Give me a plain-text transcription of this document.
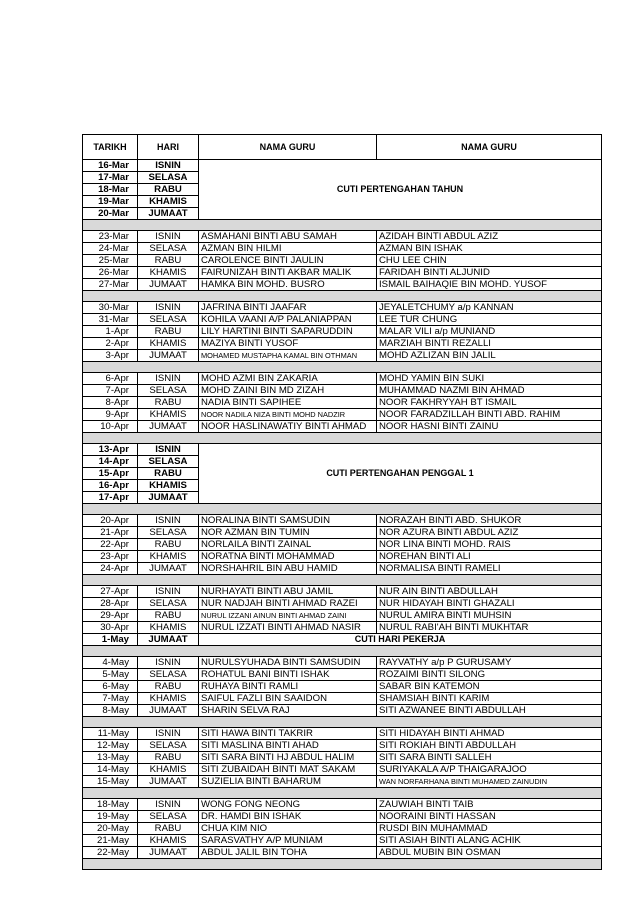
TARIKH	HARI	NAMA GURU	NAMA GURU
16-Mar	ISNIN	CUTI PERTENGAHAN TAHUN	
17-Mar	SELASA		
18-Mar	RABU		
19-Mar	KHAMIS		
20-Mar	JUMAAT		

23-Mar	ISNIN	ASMAHANI BINTI ABU SAMAH	AZIDAH BINTI ABDUL AZIZ
24-Mar	SELASA	AZMAN BIN HILMI	AZMAN BIN ISHAK
25-Mar	RABU	CAROLENCE BINTI JAULIN	CHU LEE CHIN
26-Mar	KHAMIS	FAIRUNIZAH BINTI AKBAR MALIK	FARIDAH BINTI ALJUNID
27-Mar	JUMAAT	HAMKA BIN MOHD. BUSRO	ISMAIL BAIHAQIE BIN MOHD. YUSOF

30-Mar	ISNIN	JAFRINA BINTI JAAFAR	JEYALETCHUMY a/p KANNAN
31-Mar	SELASA	KOHILA VAANI A/P PALANIAPPAN	LEE TUR CHUNG
1-Apr	RABU	LILY HARTINI BINTI SAPARUDDIN	MALAR VILI a/p MUNIAND
2-Apr	KHAMIS	MAZIYA BINTI YUSOF	MARZIAH BINTI REZALLI
3-Apr	JUMAAT	MOHAMED MUSTAPHA KAMAL BIN OTHMAN	MOHD AZLIZAN BIN JALIL

6-Apr	ISNIN	MOHD AZMI BIN ZAKARIA	MOHD YAMIN BIN SUKI
7-Apr	SELASA	MOHD ZAINI BIN MD ZIZAH	MUHAMMAD NAZMI BIN AHMAD
8-Apr	RABU	NADIA BINTI SAPIHEE	NOOR FAKHRYYAH BT ISMAIL
9-Apr	KHAMIS	NOOR NADILA NIZA BINTI MOHD NADZIR	NOOR FARADZILLAH BINTI ABD. RAHIM
10-Apr	JUMAAT	NOOR HASLINAWATIY BINTI AHMAD	NOOR HASNI BINTI ZAINU

13-Apr	ISNIN	CUTI PERTENGAHAN PENGGAL 1	
14-Apr	SELASA		
15-Apr	RABU		
16-Apr	KHAMIS		
17-Apr	JUMAAT		

20-Apr	ISNIN	NORALINA BINTI SAMSUDIN	NORAZAH BINTI ABD. SHUKOR
21-Apr	SELASA	NOR AZMAN BIN TUMIN	NOR AZURA BINTI ABDUL AZIZ
22-Apr	RABU	NORLAILA BINTI ZAINAL	NOR LINA BINTI MOHD. RAIS
23-Apr	KHAMIS	NORATNA BINTI MOHAMMAD	NOREHAN BINTI ALI
24-Apr	JUMAAT	NORSHAHRIL BIN ABU HAMID	NORMALISA BINTI RAMELI

27-Apr	ISNIN	NURHAYATI BINTI ABU JAMIL	NUR AIN BINTI ABDULLAH
28-Apr	SELASA	NUR NADJAH BINTI AHMAD RAZEI	NUR HIDAYAH BINTI GHAZALI
29-Apr	RABU	NURUL IZZANI AINUN BINTI AHMAD ZAINI	NURUL AMIRA BINTI MUHSIN
30-Apr	KHAMIS	NURUL IZZATI BINTI AHMAD NASIR	NURUL RABI'AH BINTI MUKHTAR
1-May	JUMAAT	CUTI HARI PEKERJA	

4-May	ISNIN	NURULSYUHADA BINTI SAMSUDIN	RAYVATHY a/p P GURUSAMY
5-May	SELASA	ROHATUL BANI BINTI ISHAK	ROZAIMI BINTI SILONG
6-May	RABU	RUHAYA BINTI RAMLI	SABAR BIN KATEMON
7-May	KHAMIS	SAIFUL FAZLI BIN SAAIDON	SHAMSIAH BINTI KARIM
8-May	JUMAAT	SHARIN SELVA RAJ	SITI AZWANEE BINTI ABDULLAH

11-May	ISNIN	SITI HAWA BINTI TAKRIR	SITI HIDAYAH BINTI AHMAD
12-May	SELASA	SITI MASLINA BINTI AHAD	SITI ROKIAH BINTI ABDULLAH
13-May	RABU	SITI SARA BINTI HJ ABDUL HALIM	SITI SARA BINTI SALLEH
14-May	KHAMIS	SITI ZUBAIDAH BINTI MAT SAKAM	SURIYAKALA A/P THAIGARAJOO
15-May	JUMAAT	SUZIELIA BINTI BAHARUM	WAN NORFARHANA BINTI MUHAMED ZAINUDIN

18-May	ISNIN	WONG FONG NEONG	ZAUWIAH BINTI TAIB
19-May	SELASA	DR. HAMDI BIN ISHAK	NOORAINI BINTI HASSAN
20-May	RABU	CHUA KIM NIO	RUSDI BIN MUHAMMAD
21-May	KHAMIS	SARASVATHY A/P MUNIAM	SITI ASIAH BINTI ALANG ACHIK
22-May	JUMAAT	ABDUL JALIL BIN TOHA	ABDUL MUBIN BIN OSMAN
